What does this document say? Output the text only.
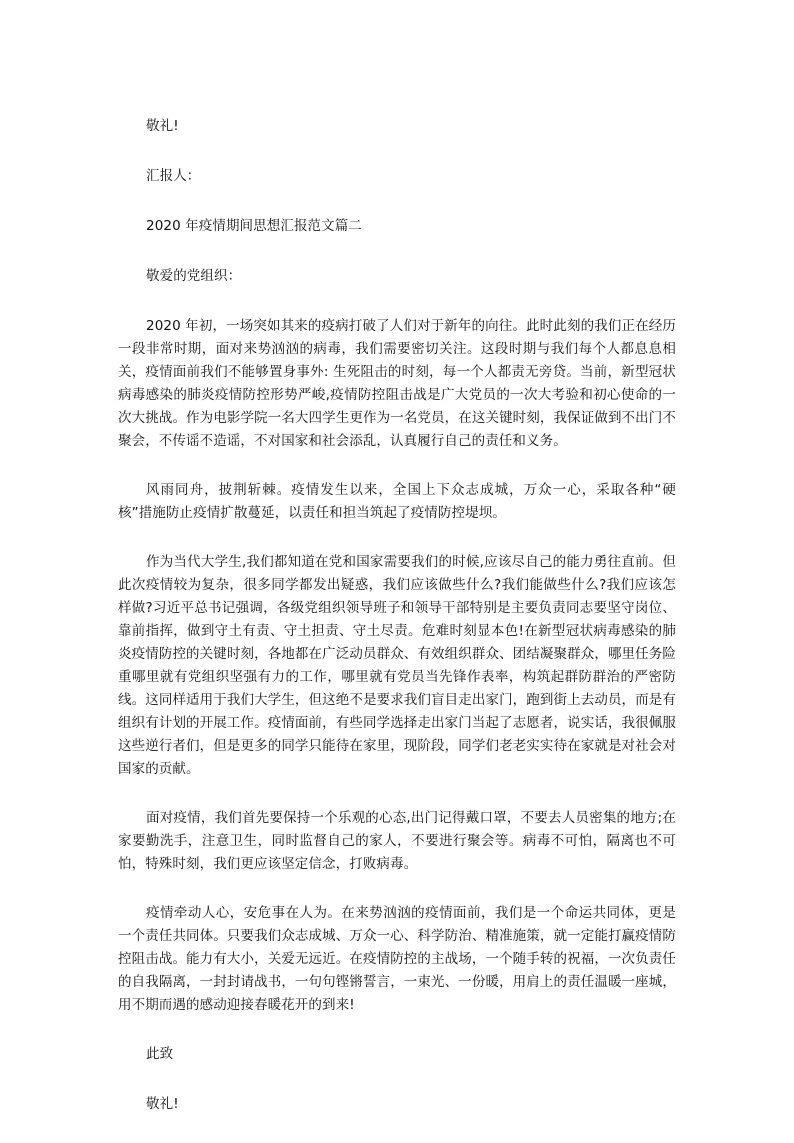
敬礼!

汇报人：

2020 年疫情期间思想汇报范文篇二

敬爱的党组织：

2020 年初，一场突如其来的疫病打破了人们对于新年的向往。此时此刻的我们正在经历一段非常时期，面对来势汹汹的病毒，我们需要密切关注。这段时期与我们每个人都息息相关，疫情面前我们不能够置身事外: 生死阻击的时刻，每一个人都责无旁贷。当前，新型冠状病毒感染的肺炎疫情防控形势严峻,疫情防控阻击战是广大党员的一次大考验和初心使命的一次大挑战。作为电影学院一名大四学生更作为一名党员，在这关键时刻，我保证做到不出门不聚会，不传谣不造谣，不对国家和社会添乱，认真履行自己的责任和义务。

风雨同舟，披荆斩棘。疫情发生以来，全国上下众志成城，万众一心，采取各种“硬核”措施防止疫情扩散蔓延，以责任和担当筑起了疫情防控堤坝。

作为当代大学生,我们都知道在党和国家需要我们的时候,应该尽自己的能力勇往直前。但此次疫情较为复杂，很多同学都发出疑惑，我们应该做些什么?我们能做些什么?我们应该怎样做?习近平总书记强调，各级党组织领导班子和领导干部特别是主要负责同志要坚守岗位、靠前指挥，做到守土有责、守土担责、守土尽责。危难时刻显本色!在新型冠状病毒感染的肺炎疫情防控的关键时刻，各地都在广泛动员群众、有效组织群众、团结凝聚群众，哪里任务险重哪里就有党组织坚强有力的工作，哪里就有党员当先锋作表率，构筑起群防群治的严密防线。这同样适用于我们大学生，但这绝不是要求我们盲目走出家门，跑到街上去动员，而是有组织有计划的开展工作。疫情面前，有些同学选择走出家门当起了志愿者，说实话，我很佩服这些逆行者们，但是更多的同学只能待在家里，现阶段，同学们老老实实待在家就是对社会对国家的贡献。

面对疫情，我们首先要保持一个乐观的心态,出门记得戴口罩，不要去人员密集的地方;在家要勤洗手，注意卫生，同时监督自己的家人，不要进行聚会等。病毒不可怕，隔离也不可怕，特殊时刻，我们更应该坚定信念，打败病毒。

疫情牵动人心，安危事在人为。在来势汹汹的疫情面前，我们是一个命运共同体，更是一个责任共同体。只要我们众志成城、万众一心、科学防治、精准施策，就一定能打赢疫情防控阻击战。能力有大小，关爱无远近。在疫情防控的主战场，一个随手转的祝福，一次负责任的自我隔离，一封封请战书，一句句铿锵誓言，一束光、一份暖，用肩上的责任温暖一座城，用不期而遇的感动迎接春暖花开的到来!

此致

敬礼!
